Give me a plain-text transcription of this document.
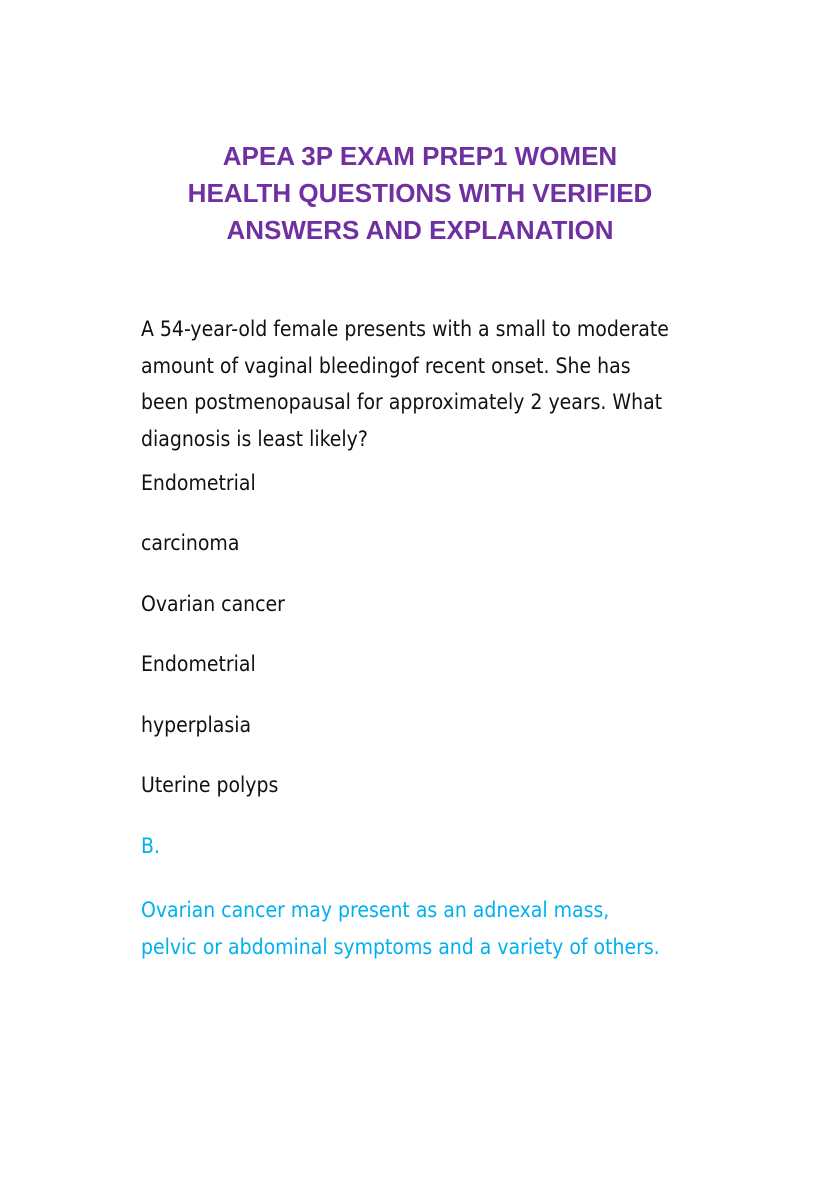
APEA 3P EXAM PREP1 WOMEN
HEALTH QUESTIONS WITH VERIFIED
ANSWERS AND EXPLANATION

A 54-year-old female presents with a small to moderate
amount of vaginal bleedingof recent onset. She has
been postmenopausal for approximately 2 years. What
diagnosis is least likely?

Endometrial

carcinoma

Ovarian cancer

Endometrial

hyperplasia

Uterine polyps

B.

Ovarian cancer may present as an adnexal mass,
pelvic or abdominal symptoms and a variety of others.
